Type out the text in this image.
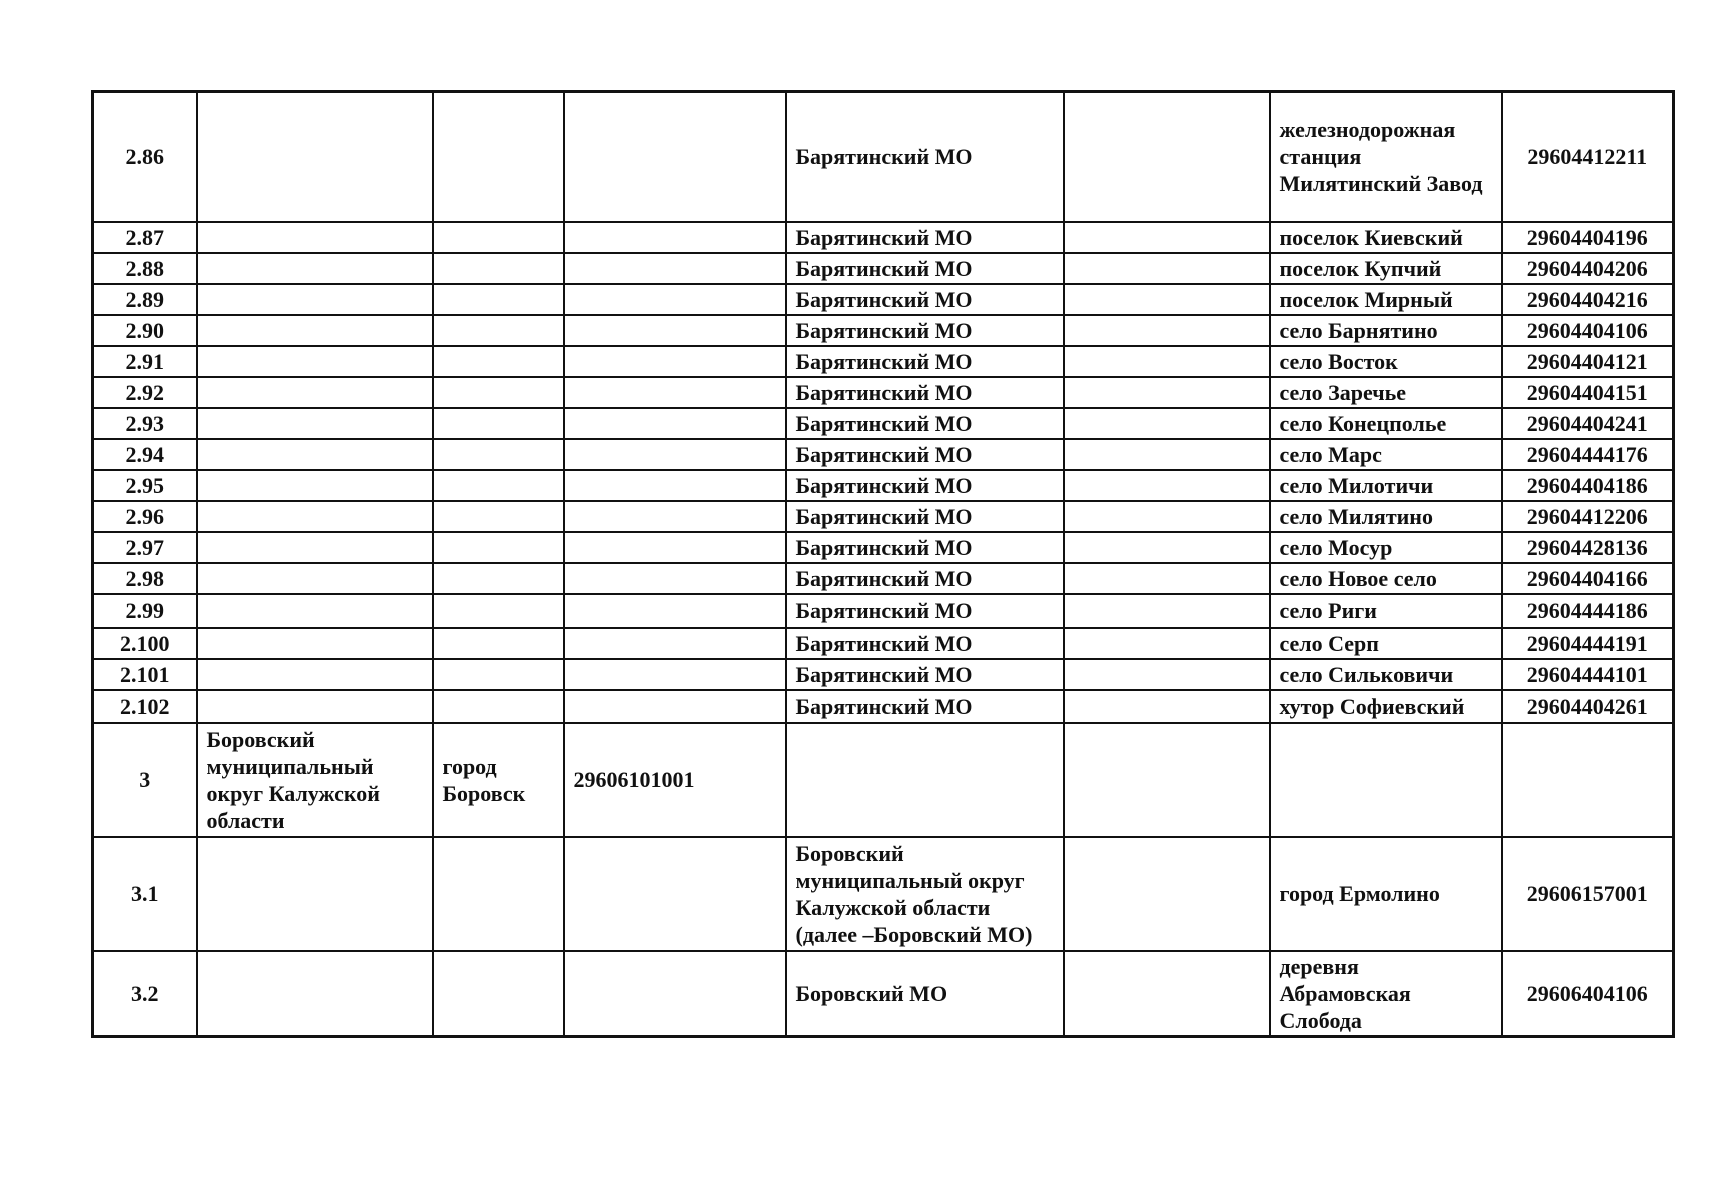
2.86				Барятинский МО		железнодорожная станция Милятинский Завод	29604412211
2.87				Барятинский МО		поселок Киевский	29604404196
2.88				Барятинский МО		поселок Купчий	29604404206
2.89				Барятинский МО		поселок Мирный	29604404216
2.90				Барятинский МО		село Барнятино	29604404106
2.91				Барятинский МО		село Восток	29604404121
2.92				Барятинский МО		село Заречье	29604404151
2.93				Барятинский МО		село Конецполье	29604404241
2.94				Барятинский МО		село Марс	29604444176
2.95				Барятинский МО		село Милотичи	29604404186
2.96				Барятинский МО		село Милятино	29604412206
2.97				Барятинский МО		село Мосур	29604428136
2.98				Барятинский МО		село Новое село	29604404166
2.99				Барятинский МО		село Риги	29604444186
2.100				Барятинский МО		село Серп	29604444191
2.101				Барятинский МО		село Сильковичи	29604444101
2.102				Барятинский МО		хутор Софиевский	29604404261
3	Боровский муниципальный округ Калужской области	город Боровск	29606101001				
3.1				Боровский муниципальный округ Калужской области (далее –Боровский МО)		город Ермолино	29606157001
3.2				Боровский МО		деревня Абрамовская Слобода	29606404106
